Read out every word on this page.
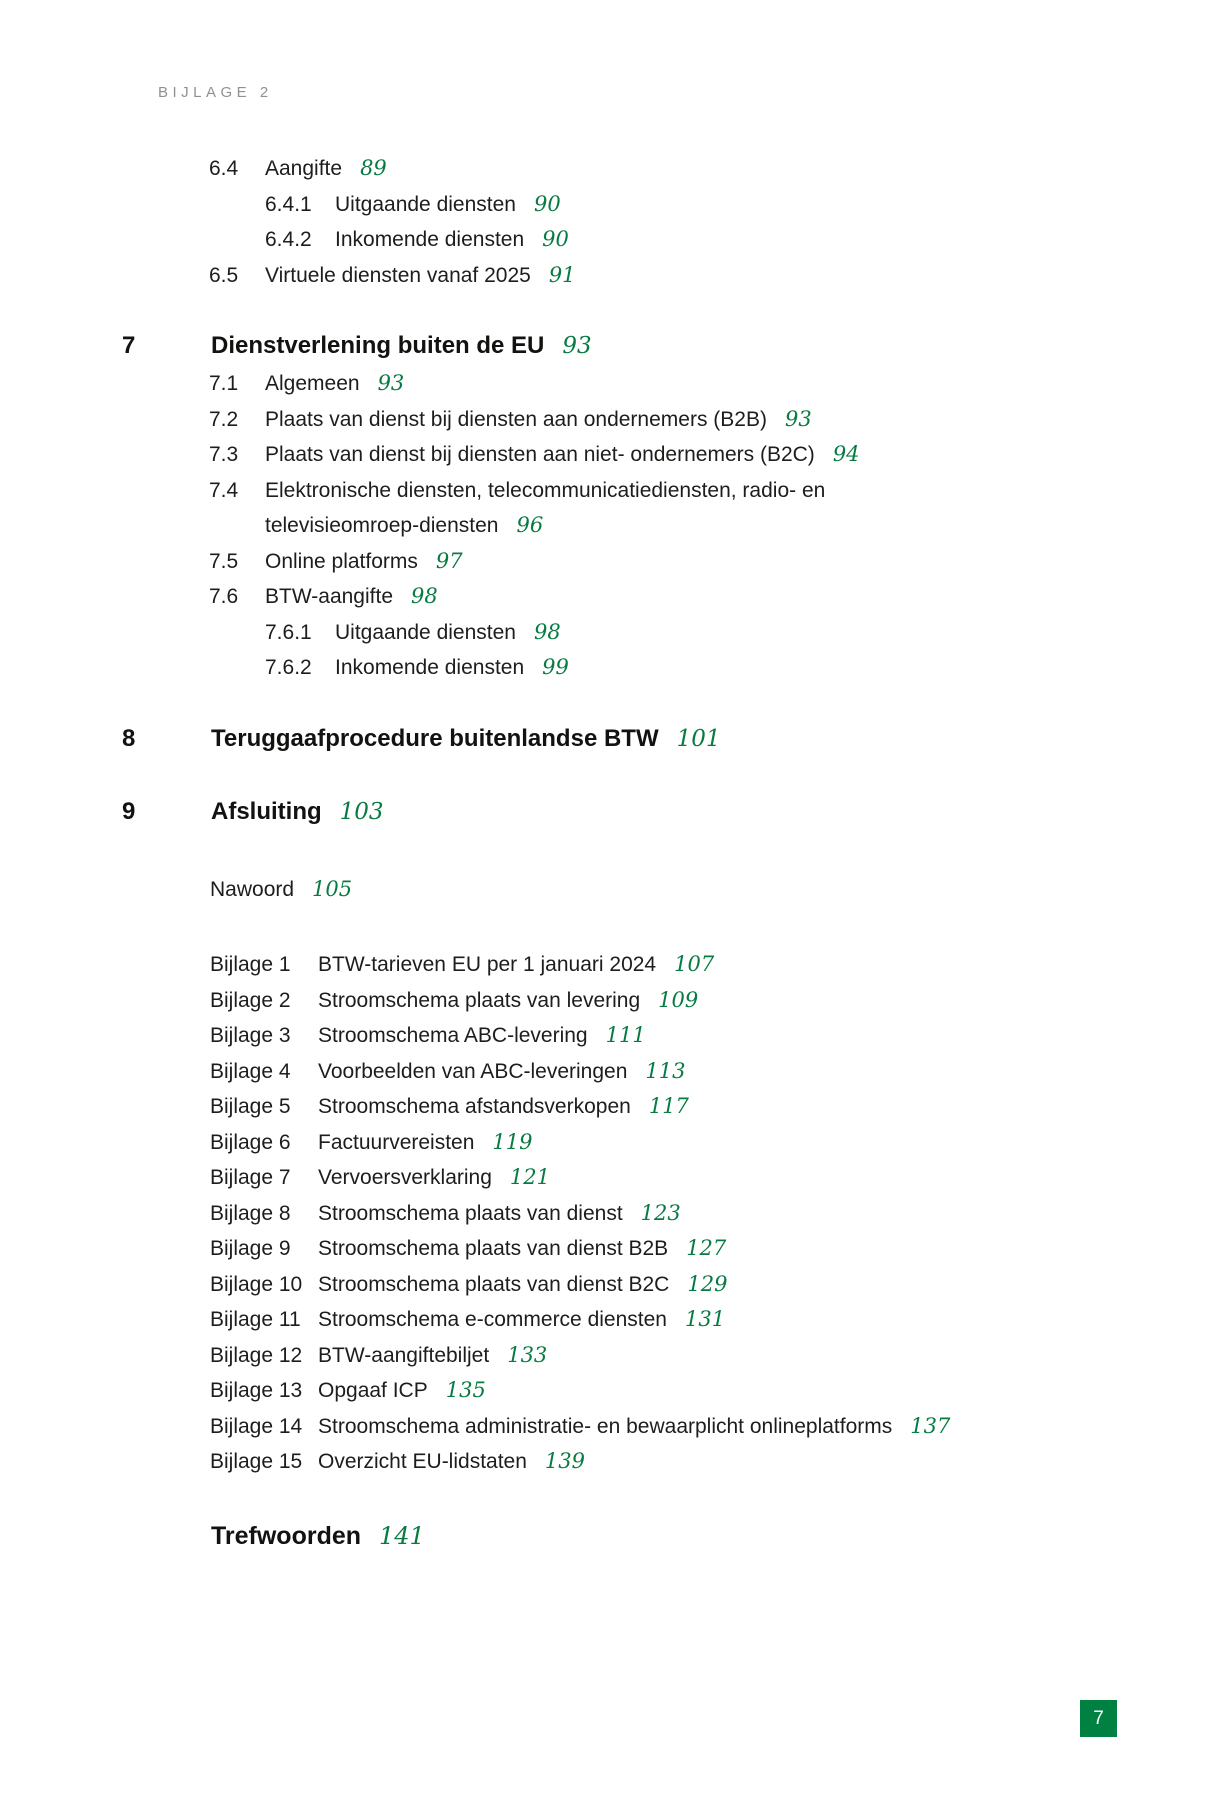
BIJLAGE 2
6.4 Aangifte 89
6.4.1 Uitgaande diensten 90
6.4.2 Inkomende diensten 90
6.5 Virtuele diensten vanaf 2025 91
7	Dienstverlening buiten de EU 93
7.1 Algemeen 93
7.2 Plaats van dienst bij diensten aan ondernemers (B2B) 93
7.3 Plaats van dienst bij diensten aan niet- ondernemers (B2C) 94
7.4 Elektronische diensten, telecommunicatiediensten, radio- en
televisieomroep-diensten 96
7.5 Online platforms 97
7.6 BTW-aangifte 98
7.6.1 Uitgaande diensten 98
7.6.2 Inkomende diensten 99
8	Teruggaafprocedure buitenlandse BTW 101
9	Afsluiting 103
Nawoord 105
Bijlage 1 BTW-tarieven EU per 1 januari 2024 107
Bijlage 2 Stroomschema plaats van levering 109
Bijlage 3 Stroomschema ABC-levering 111
Bijlage 4 Voorbeelden van ABC-leveringen 113
Bijlage 5 Stroomschema afstandsverkopen 117
Bijlage 6 Factuurvereisten 119
Bijlage 7 Vervoersverklaring 121
Bijlage 8 Stroomschema plaats van dienst 123
Bijlage 9 Stroomschema plaats van dienst B2B 127
Bijlage 10 Stroomschema plaats van dienst B2C 129
Bijlage 11 Stroomschema e-commerce diensten 131
Bijlage 12 BTW-aangiftebiljet 133
Bijlage 13 Opgaaf ICP 135
Bijlage 14 Stroomschema administratie- en bewaarplicht onlineplatforms 137
Bijlage 15 Overzicht EU-lidstaten 139
Trefwoorden 141
7
